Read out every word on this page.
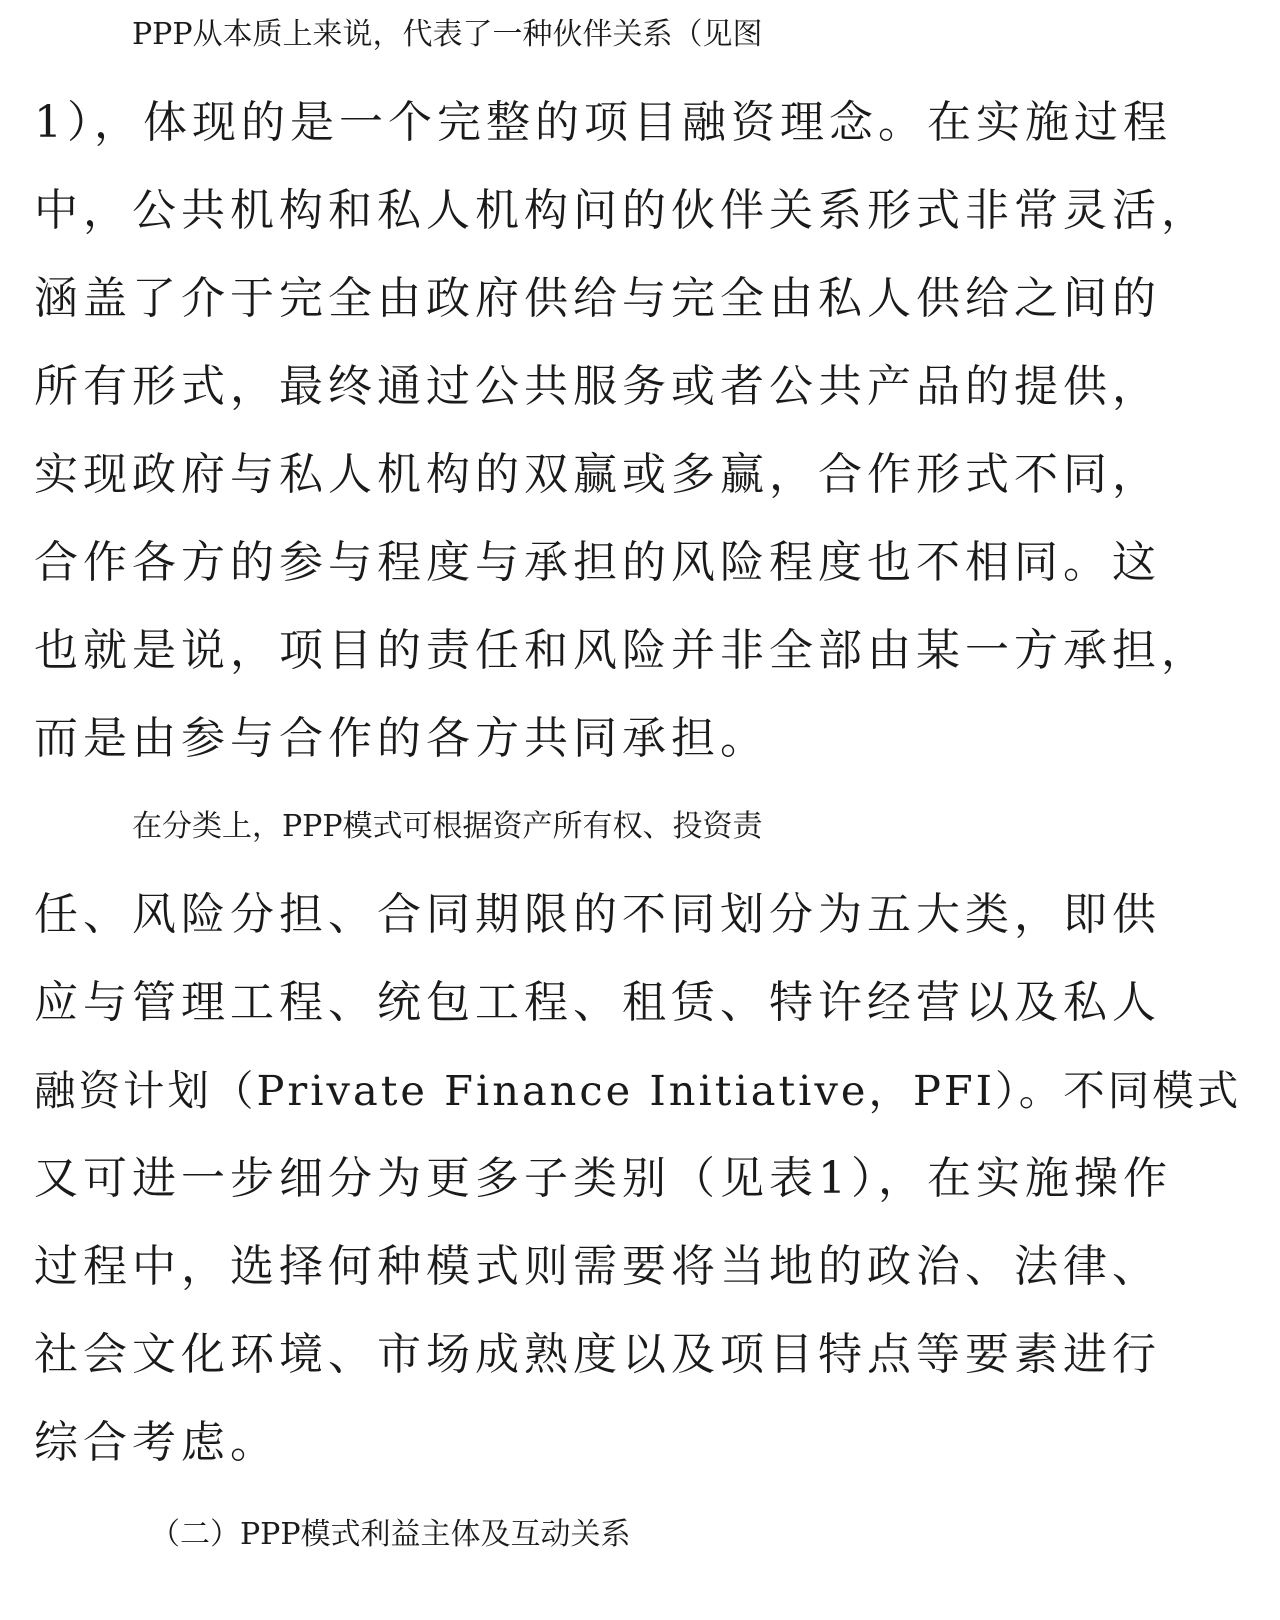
PPP从本质上来说，代表了一种伙伴关系（见图
1），体现的是一个完整的项目融资理念。在实施过程
中，公共机构和私人机构问的伙伴关系形式非常灵活，
涵盖了介于完全由政府供给与完全由私人供给之间的
所有形式，最终通过公共服务或者公共产品的提供，
实现政府与私人机构的双赢或多赢，合作形式不同，
合作各方的参与程度与承担的风险程度也不相同。这
也就是说，项目的责任和风险并非全部由某一方承担，
而是由参与合作的各方共同承担。
在分类上，PPP模式可根据资产所有权、投资责
任、风险分担、合同期限的不同划分为五大类，即供
应与管理工程、统包工程、租赁、特许经营以及私人
融资计划（Private Finance Initiative，PFI）。不同模式
又可进一步细分为更多子类别（见表1），在实施操作
过程中，选择何种模式则需要将当地的政治、法律、
社会文化环境、市场成熟度以及项目特点等要素进行
综合考虑。
（二）PPP模式利益主体及互动关系
